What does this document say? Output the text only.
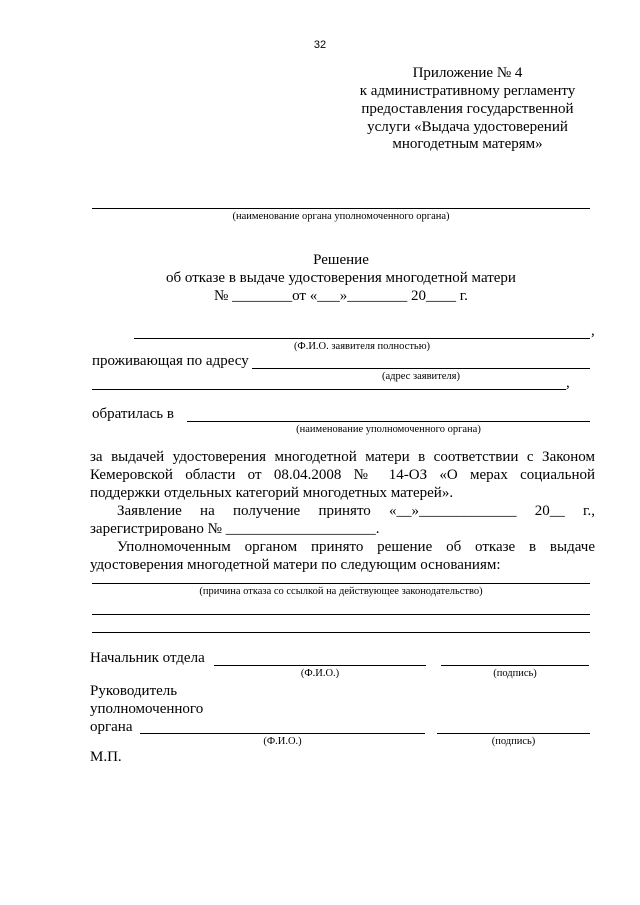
32
Приложение № 4
к административному регламенту
предоставления государственной
услуги «Выдача удостоверений
многодетным матерям»
(наименование органа уполномоченного органа)
Решение
об отказе в выдаче удостоверения многодетной матери
№ ________от «___»________ 20____ г.
,
(Ф.И.О. заявителя полностью)
проживающая по адресу
(адрес заявителя)	,
обратилась в
(наименование уполномоченного органа)
за выдачей удостоверения многодетной матери в соответствии с Законом
Кемеровской области от 08.04.2008 № 14-ОЗ «О мерах социальной
поддержки отдельных категорий многодетных матерей».
Заявление на получение принято «__»_____________ 20__ г.,
зарегистрировано № ____________________.
Уполномоченным органом принято решение об отказе в выдаче
удостоверения многодетной матери по следующим основаниям:
(причина отказа со ссылкой на действующее законодательство)
Начальник отдела
(Ф.И.О.)	(подпись)
Руководитель
уполномоченного
органа
(Ф.И.О.)	(подпись)
М.П.
